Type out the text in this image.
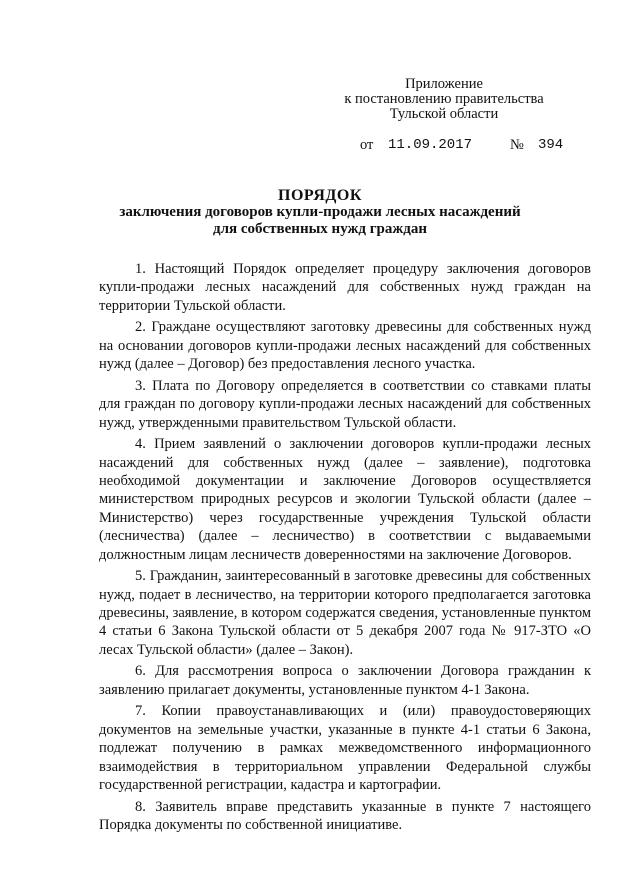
Приложение
к постановлению правительства
Тульской области
от 11.09.2017	№ 394
ПОРЯДОК
заключения договоров купли-продажи лесных насаждений
для собственных нужд граждан

1. Настоящий Порядок определяет процедуру заключения договоров купли-продажи лесных насаждений для собственных нужд граждан на территории Тульской области.

2. Граждане осуществляют заготовку древесины для собственных нужд на основании договоров купли-продажи лесных насаждений для собственных нужд (далее – Договор) без предоставления лесного участка.

3. Плата по Договору определяется в соответствии со ставками платы для граждан по договору купли-продажи лесных насаждений для собственных нужд, утвержденными правительством Тульской области.

4. Прием заявлений о заключении договоров купли-продажи лесных насаждений для собственных нужд (далее – заявление), подготовка необходимой документации и заключение Договоров осуществляется министерством природных ресурсов и экологии Тульской области (далее – Министерство) через государственные учреждения Тульской области (лесничества) (далее – лесничество) в соответствии с выдаваемыми должностным лицам лесничеств доверенностями на заключение Договоров.

5. Гражданин, заинтересованный в заготовке древесины для собственных нужд, подает в лесничество, на территории которого предполагается заготовка древесины, заявление, в котором содержатся сведения, установленные пунктом 4 статьи 6 Закона Тульской области от 5 декабря 2007 года № 917-ЗТО «О лесах Тульской области» (далее – Закон).

6. Для рассмотрения вопроса о заключении Договора гражданин к заявлению прилагает документы, установленные пунктом 4-1 Закона.

7. Копии правоустанавливающих и (или) правоудостоверяющих документов на земельные участки, указанные в пункте 4-1 статьи 6 Закона, подлежат получению в рамках межведомственного информационного взаимодействия в территориальном управлении Федеральной службы государственной регистрации, кадастра и картографии.

8. Заявитель вправе представить указанные в пункте 7 настоящего Порядка документы по собственной инициативе.
